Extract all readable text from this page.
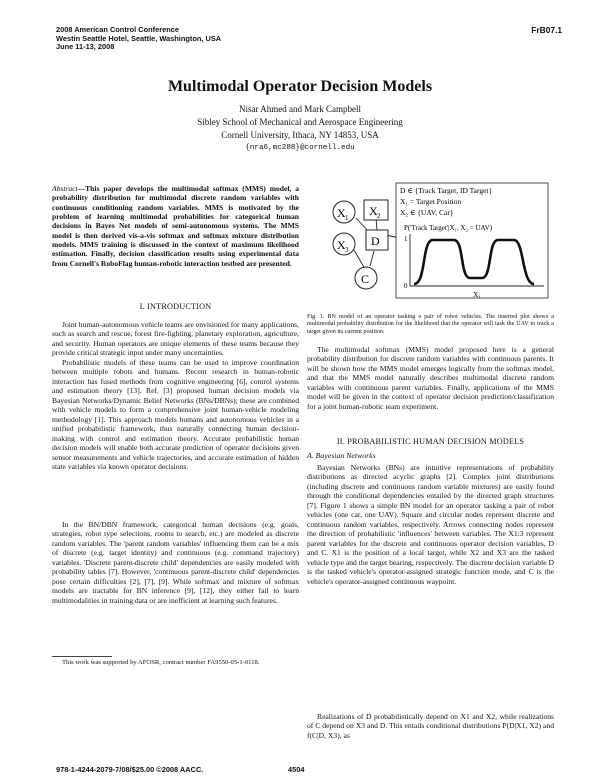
2008 American Control Conference
Westin Seattle Hotel, Seattle, Washington, USA
June 11-13, 2008
FrB07.1
Multimodal Operator Decision Models
Nisar Ahmed and Mark Campbell
Sibley School of Mechanical and Aerospace Engineering
Cornell University, Ithaca, NY 14853, USA
{nra6,mc288}@cornell.edu
Abstract—This paper develops the multimodal softmax (MMS) model, a probability distribution for multimodal discrete random variables with continuous conditioning random variables. MMS is motivated by the problem of learning multimodal probabilities for categorical human decisions in Bayes Net models of semi-autonomous systems. The MMS model is then derived vis-a-vis softmax and softmax mixture distribution models. MMS training is discussed in the context of maximum likelihood estimation. Finally, decision classification results using experimental data from Cornell's RoboFlag human-robotic interaction testbed are presented.
I. INTRODUCTION
Joint human-autonomous vehicle teams are envisioned for many applications, such as search and rescue, forest fire-fighting, planetary exploration, agriculture, and security. Human operators are unique elements of these teams because they provide critical strategic input under many uncertainties.
Probabilistic models of these teams can be used to improve coordination between multiple robots and humans. Recent research in human-robotic interaction has fused methods from cognitive engineering [6], control systems and estimation theory [13]. Ref. [3] proposed human decision models via Bayesian Networks/Dynamic Belief Networks (BNs/DBNs); these are combined with vehicle models to form a comprehensive joint human-vehicle modeling methodology [1]. This approach models humans and autonomous vehicles in a unified probabilistic framework, thus naturally connecting human decision-making with control and estimation theory. Accurate probabilistic human decision models will enable both accurate prediction of operator decisions given sensor measurements and vehicle trajectories, and accurate estimation of hidden state variables via known operator decisions.
In the BN/DBN framework, categorical human decisions (e.g. goals, strategies, robot type selections, rooms to search, etc.) are modeled as discrete random variables. The 'parent random variables' influencing them can be a mix of discrete (e.g. target identity) and continuous (e.g. command trajectory) variables. 'Discrete parent-discrete child' dependencies are easily modeled with probability tables [7]. However, 'continuous parent-discrete child' dependencies pose certain difficulties [2], [7], [9]. While softmax and mixture of softmax models are tractable for BN inference [9], [12], they either fail to learn multimodalities in training data or are inefficient at learning such features.
This work was supported by AFOSR, contract number FA9550-05-1-0118.
X 1 X 2
X 3
D
C
D ∈ {Track Target, ID Target}
X₁ = Target Position
X₂ ∈ {UAV, Car}
P('Track Target'|X₁, X₂ = UAV)
1
0
X₁
Fig. 1. BN model of an operator tasking a pair of robot vehicles. The inserted plot shows a multimodal probability distribution for the likelihood that the operator will task the UAV to track a target given its current position.
The multimodal softmax (MMS) model proposed here is a general probability distribution for discrete random variables with continuous parents. It will be shown how the MMS model emerges logically from the softmax model, and that the MMS model naturally describes multimodal discrete random variables with continuous parent variables. Finally, applications of the MMS model will be given in the context of operator decision prediction/classification for a joint human-robotic team experiment.
II. PROBABILISTIC HUMAN DECISION MODELS
A. Bayesian Networks
Bayesian Networks (BNs) are intuitive representations of probability distributions as directed acyclic graphs [2]. Complex joint distributions (including discrete and continuous random variable mixtures) are easily found through the conditional dependencies entailed by the directed graph structures [7]. Figure 1 shows a simple BN model for an operator tasking a pair of robot vehicles (one car, one UAV). Square and circular nodes represent discrete and continuous random variables, respectively. Arrows connecting nodes represent the direction of probabilistic 'influences' between variables. The X1:3 represent parent variables for the discrete and continuous operator decision variables, D and C. X1 is the position of a local target, while X2 and X3 are the tasked vehicle type and the target bearing, respectively. The discrete decision variable D is the tasked vehicle's operator-assigned strategic function mode, and C is the vehicle's operator-assigned continuous waypoint.
Realizations of D probabilistically depend on X1 and X2, while realizations of C depend on X3 and D. This entails conditional distributions P(D|X1, X2) and f(C|D, X3), as
978-1-4244-2079-7/08/$25.00 ©2008 AACC.	4504
